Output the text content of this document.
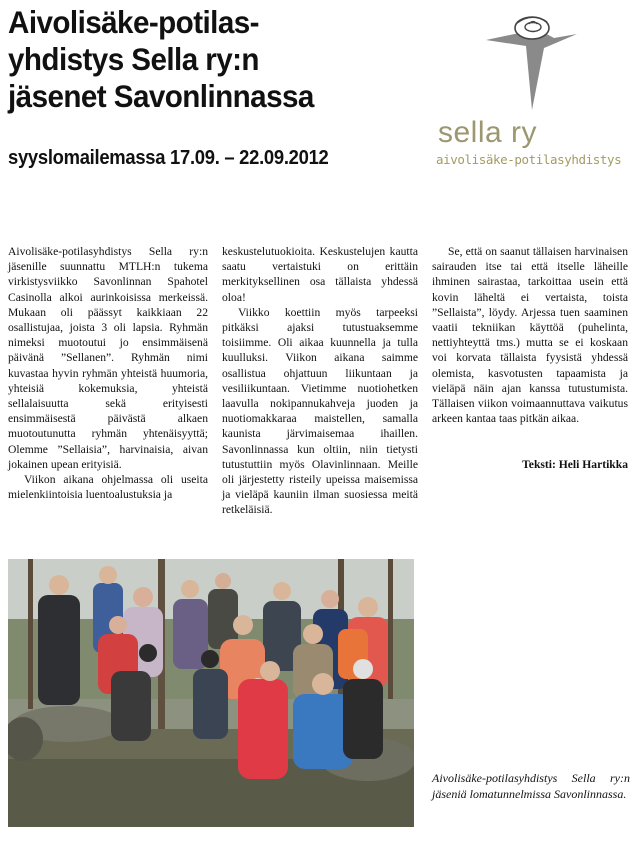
Aivolisäke-potilas-
yhdistys Sella ry:n
jäsenet Savonlinnassa
syyslomailemassa 17.09. – 22.09.2012
sella ry
aivolisäke-potilasyhdistys

Aivolisäke-potilasyhdistys Sella ry:n jäsenille suunnattu MTLH:n tukema virkistysviikko Savonlinnan Spahotel Casinolla alkoi aurinkoisissa merkeissä. Mukaan oli päässyt kaikkiaan 22 osallistujaa, joista 3 oli lapsia. Ryhmän nimeksi muotoutui jo ensimmäisenä päivänä ”Sellanen”. Ryhmän nimi kuvastaa hyvin ryhmän yhteistä huumoria, yhteisiä kokemuksia, yhteistä sellalaisuutta sekä erityisesti ensimmäisestä päivästä alkaen muotoutunutta ryhmän yhtenäisyyttä; Olemme ”Sellaisia”, harvinaisia, aivan jokainen upean erityisiä.

Viikon aikana ohjelmassa oli useita mielenkiintoisia luentoalustuksia ja

keskustelutuokioita. Keskustelujen kautta saatu vertaistuki on erittäin merkityksellinen osa tällaista yhdessä oloa!

Viikko koettiin myös tarpeeksi pitkäksi ajaksi tutustuaksemme toisiimme. Oli aikaa kuunnella ja tulla kuulluksi. Viikon aikana saimme osallistua ohjattuun liikuntaan ja vesiliikuntaan. Vietimme nuotiohetken laavulla nokipannukahveja juoden ja nuotiomakkaraa maistellen, samalla kaunista järvimaisemaa ihaillen. Savonlinnassa kun oltiin, niin tietysti tutustuttiin myös Olavinlinnaan. Meille oli järjestetty risteily upeissa maisemissa ja vieläpä kauniin ilman suosiessa meitä retkeläisiä.

Se, että on saanut tällaisen harvinaisen sairauden itse tai että itselle läheille ihminen sairastaa, tarkoittaa usein että kovin läheltä ei vertaista, toista ”Sellaista”, löydy. Arjessa tuen saaminen vaatii tekniikan käyttöä (puhelinta, nettiyhteyttä tms.) mutta se ei koskaan voi korvata tällaista fyysistä yhdessä olemista, kasvotusten tapaamista ja vieläpä näin ajan kanssa tutustumista. Tällaisen viikon voimaannuttava vaikutus arkeen kantaa taas pitkän aikaa.

Teksti: Heli Hartikka
Aivolisäke-potilasyhdistys Sella ry:n jäseniä lomatunnelmissa Savonlinnassa.
